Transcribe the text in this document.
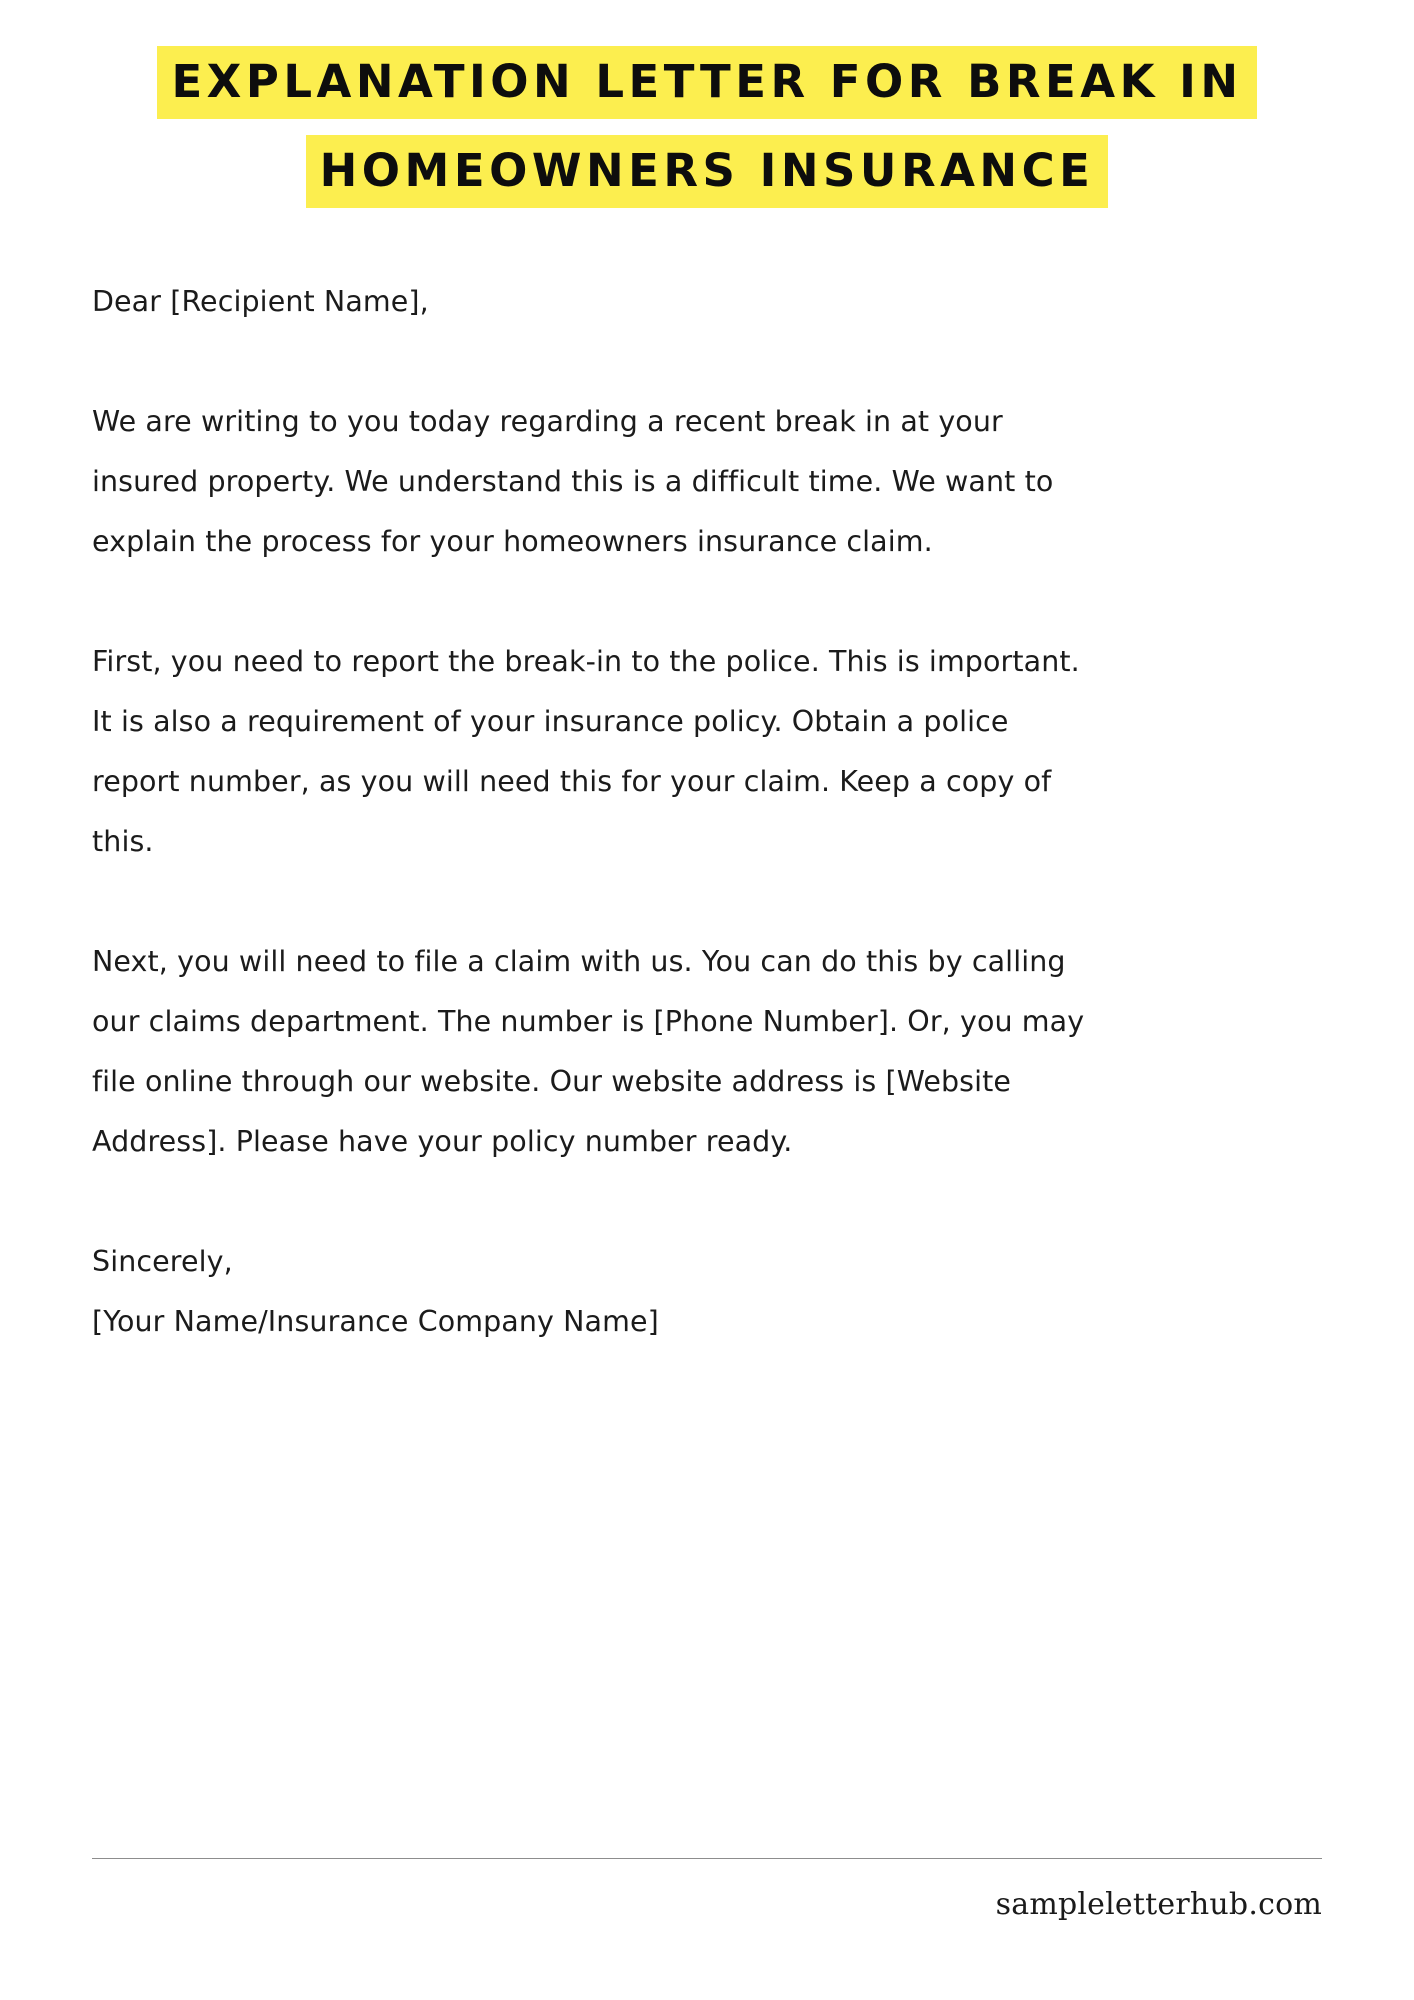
EXPLANATION LETTER FOR BREAK IN
HOMEOWNERS INSURANCE

Dear [Recipient Name],

We are writing to you today regarding a recent break in at your insured property. We understand this is a difficult time. We want to explain the process for your homeowners insurance claim.

First, you need to report the break-in to the police. This is important. It is also a requirement of your insurance policy. Obtain a police report number, as you will need this for your claim. Keep a copy of this.

Next, you will need to file a claim with us. You can do this by calling our claims department. The number is [Phone Number]. Or, you may file online through our website. Our website address is [Website Address]. Please have your policy number ready.

Sincerely,
[Your Name/Insurance Company Name]
sampleletterhub.com
